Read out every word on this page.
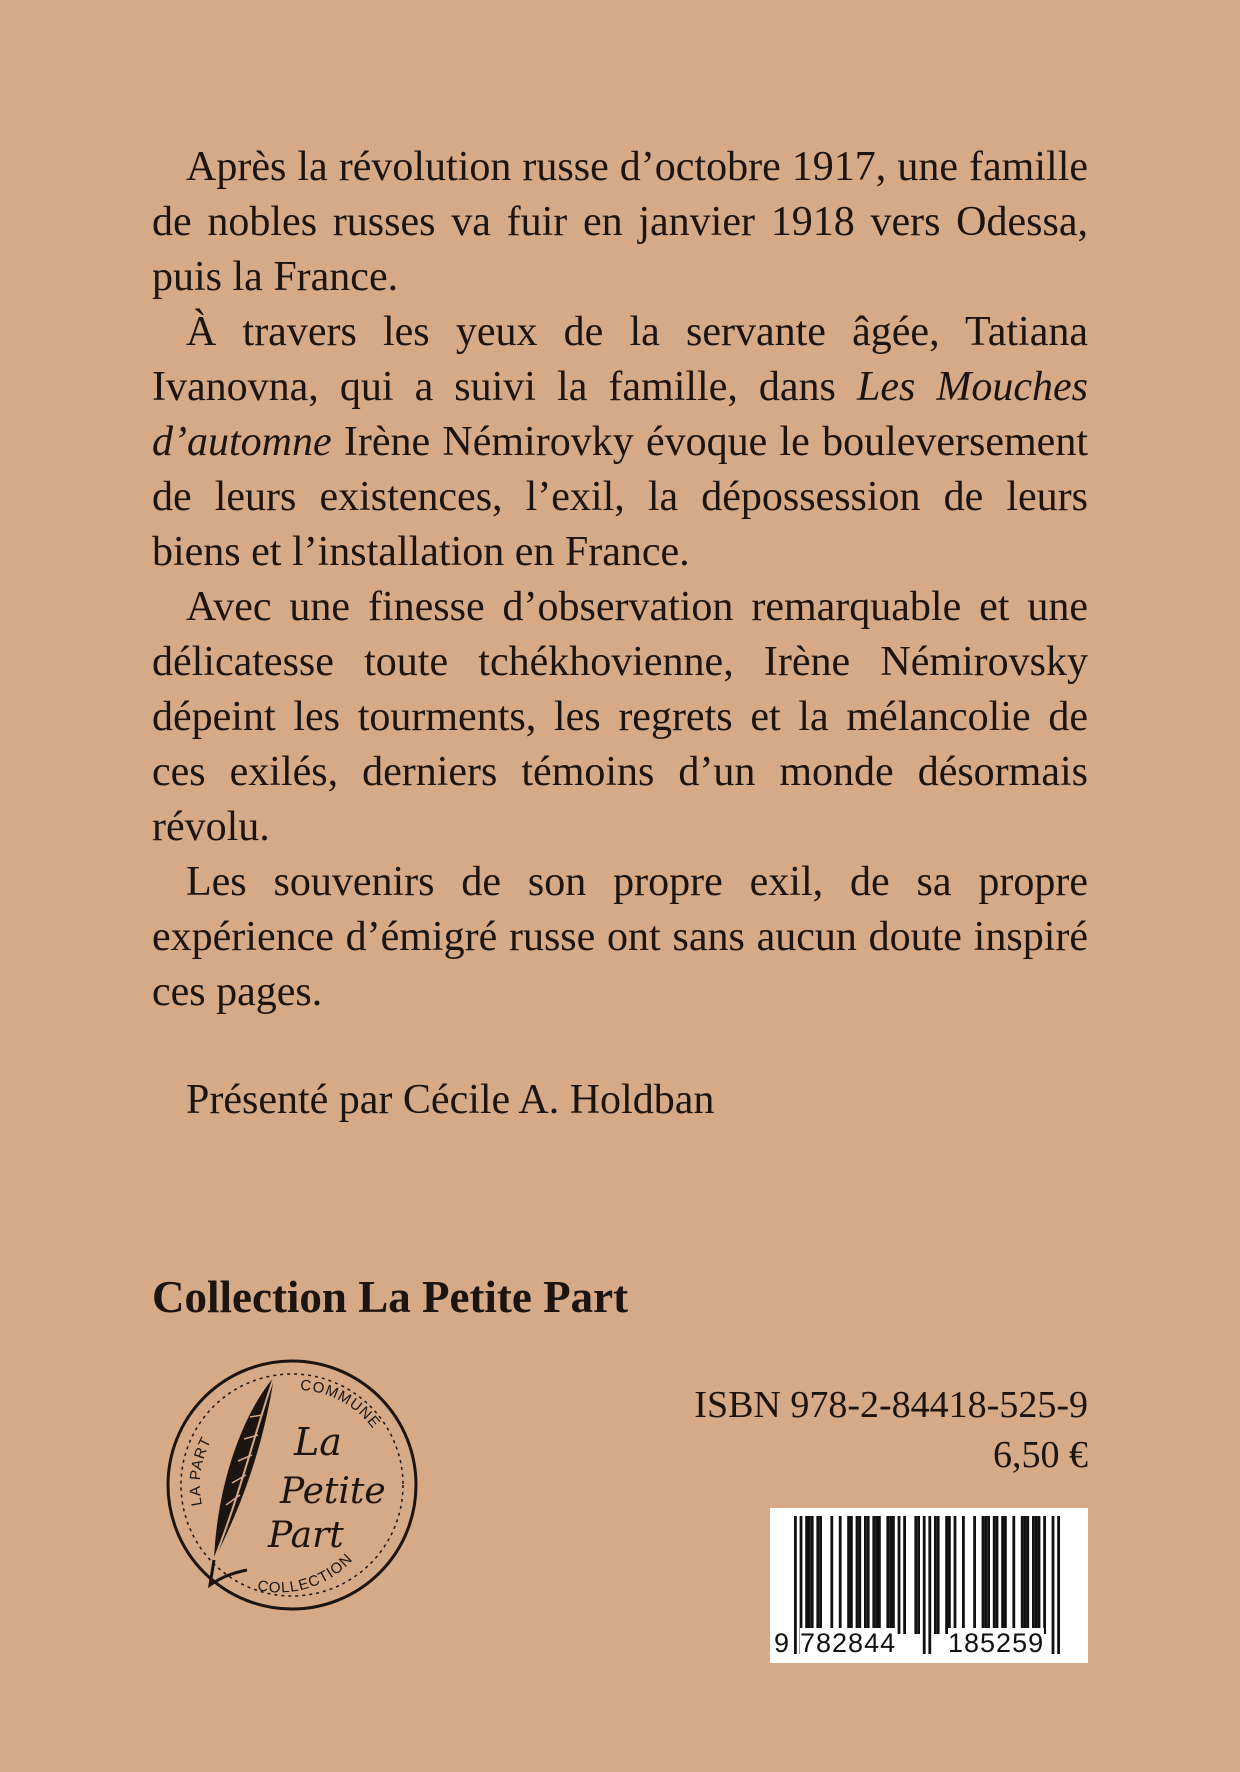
Après la révolution russe d’octobre 1917, une famille de nobles russes va fuir en janvier 1918 vers Odessa, puis la France.

À travers les yeux de la servante âgée, Tatiana Ivanovna, qui a suivi la famille, dans Les Mouches d’automne Irène Némirovky évoque le bouleversement de leurs existences, l’exil, la dépossession de leurs biens et l’installation en France.

Avec une finesse d’observation remarquable et une délicatesse toute tchékhovienne, Irène Némirovsky dépeint les tourments, les regrets et la mélancolie de ces exilés, derniers témoins d’un monde désormais révolu.

Les souvenirs de son propre exil, de sa propre expérience d’émigré russe ont sans aucun doute inspiré ces pages.

Présenté par Cécile A. Holdban
Collection La Petite Part
LA PART
COMMUNE
COLLECTION
La
Petite
Part
ISBN 978-2-84418-525-9
6,50 €
9 782844 185259
